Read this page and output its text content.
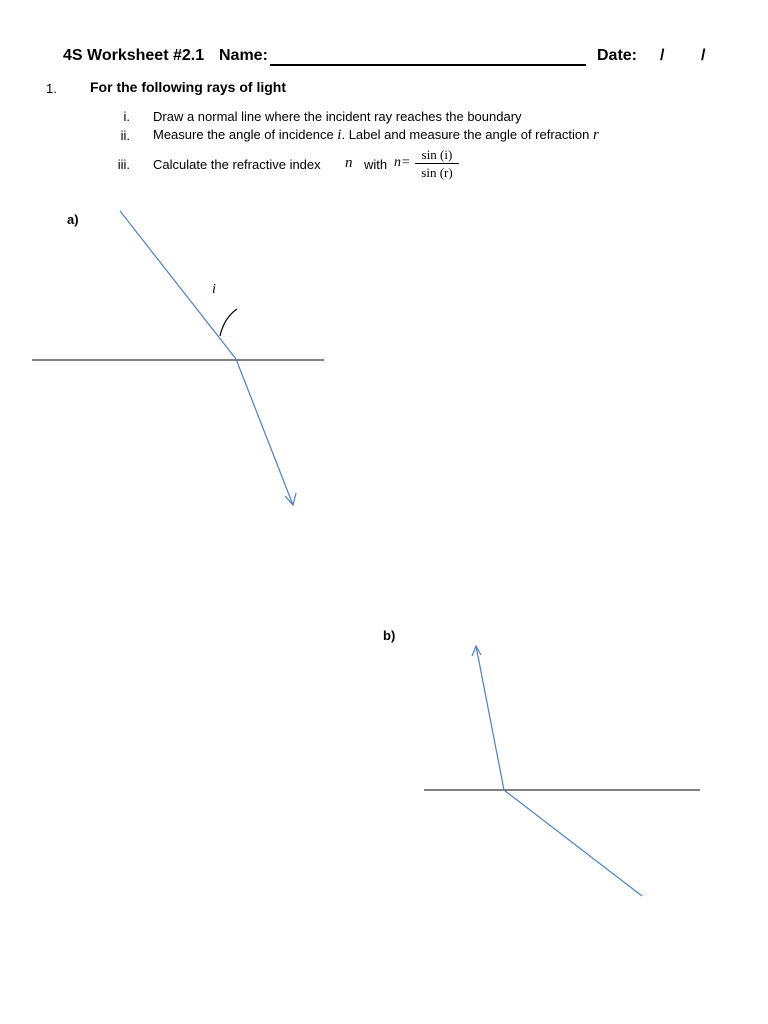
4S Worksheet #2.1 Name:	Date: / /
1. For the following rays of light
i. Draw a normal line where the incident ray reaches the boundary
ii. Measure the angle of incidence i. Label and measure the angle of refraction r
iii. Calculate the refractive index n with n=
sin (i)
sin (r)
a)
b)
i
